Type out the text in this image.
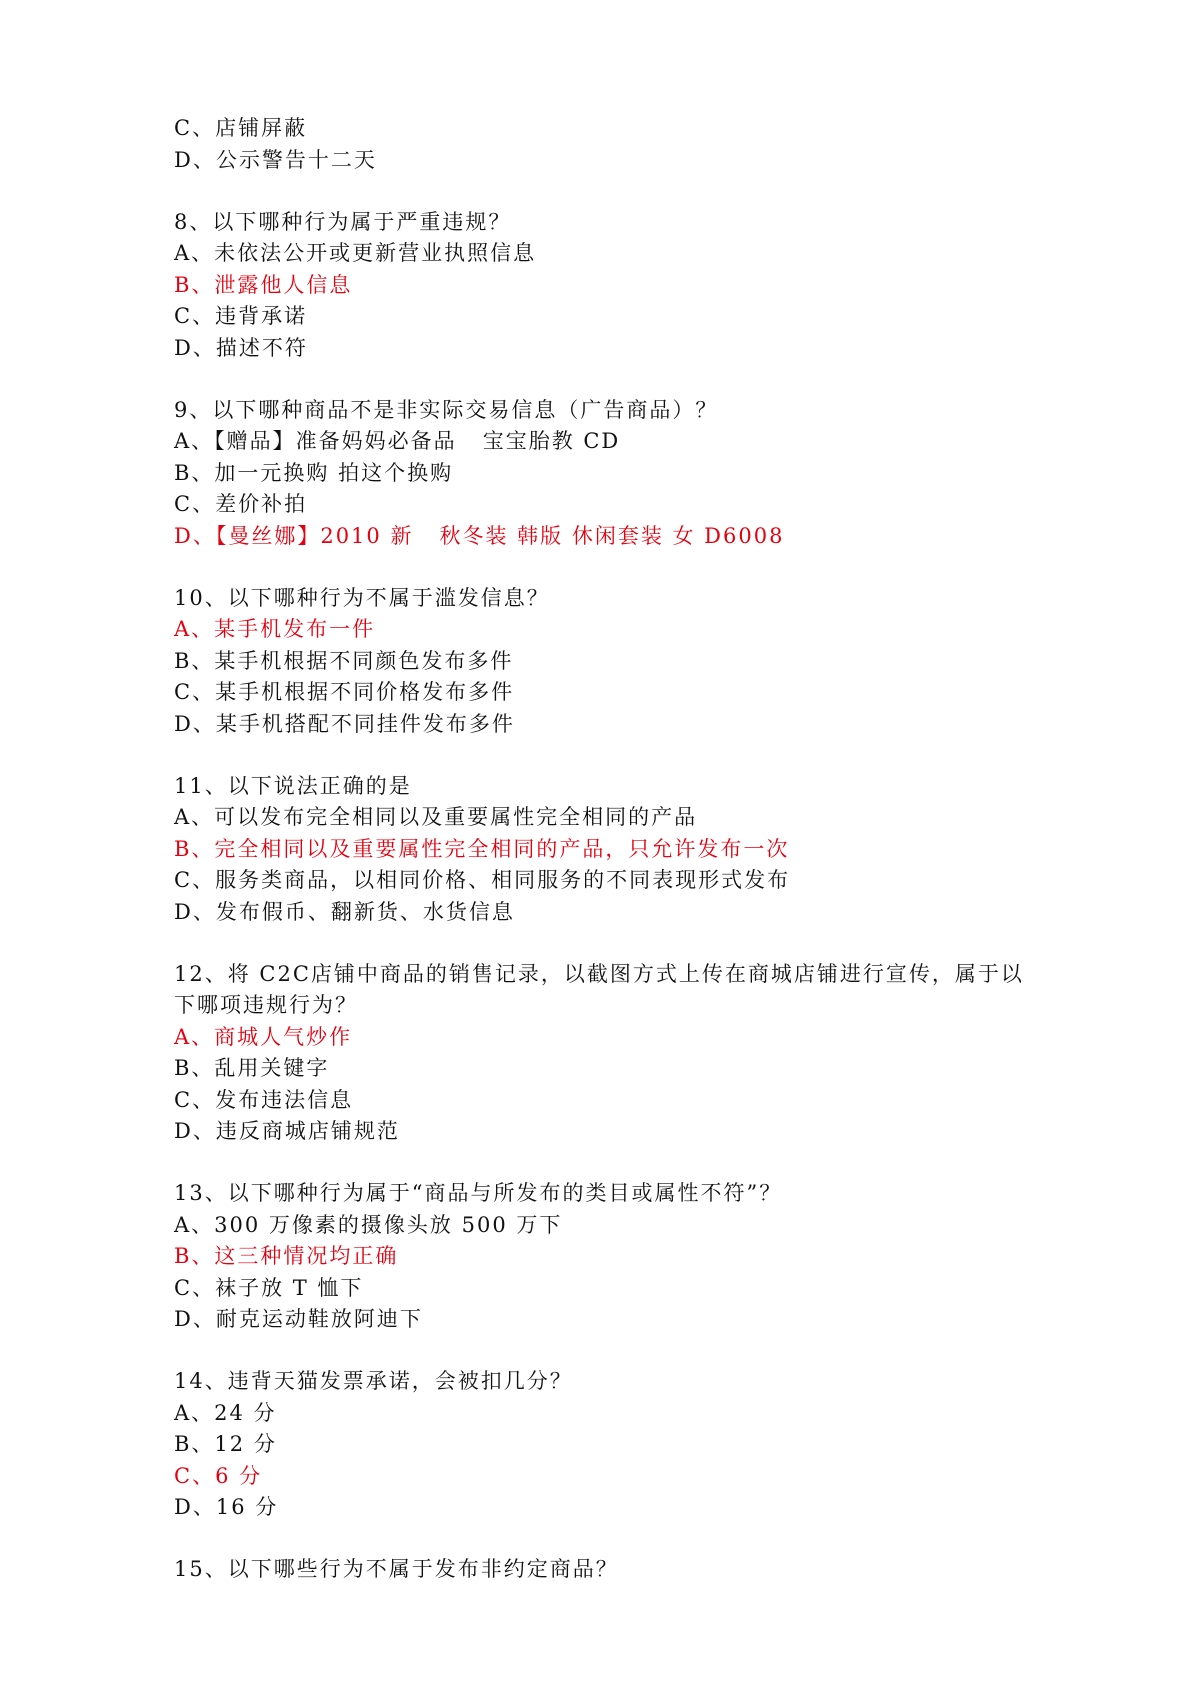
C、店铺屏蔽
D、公示警告十二天
8、以下哪种行为属于严重违规？
A、未依法公开或更新营业执照信息
B、泄露他人信息
C、违背承诺
D、描述不符
9、以下哪种商品不是非实际交易信息（广告商品）？
A、【赠品】准备妈妈必备品   宝宝胎教 CD
B、加一元换购 拍这个换购
C、差价补拍
D、【曼丝娜】2010 新   秋冬装 韩版 休闲套装 女 D6008
10、以下哪种行为不属于滥发信息？
A、某手机发布一件
B、某手机根据不同颜色发布多件
C、某手机根据不同价格发布多件
D、某手机搭配不同挂件发布多件
11、以下说法正确的是
A、可以发布完全相同以及重要属性完全相同的产品
B、完全相同以及重要属性完全相同的产品，只允许发布一次
C、服务类商品，以相同价格、相同服务的不同表现形式发布
D、发布假币、翻新货、水货信息
12、将 C2C店铺中商品的销售记录，以截图方式上传在商城店铺进行宣传，属于以下哪项违规行为？
A、商城人气炒作
B、乱用关键字
C、发布违法信息
D、违反商城店铺规范
13、以下哪种行为属于“商品与所发布的类目或属性不符”？
A、300 万像素的摄像头放 500 万下
B、这三种情况均正确
C、袜子放 T 恤下
D、耐克运动鞋放阿迪下
14、违背天猫发票承诺，会被扣几分？
A、24 分
B、12 分
C、6 分
D、16 分
15、以下哪些行为不属于发布非约定商品？
